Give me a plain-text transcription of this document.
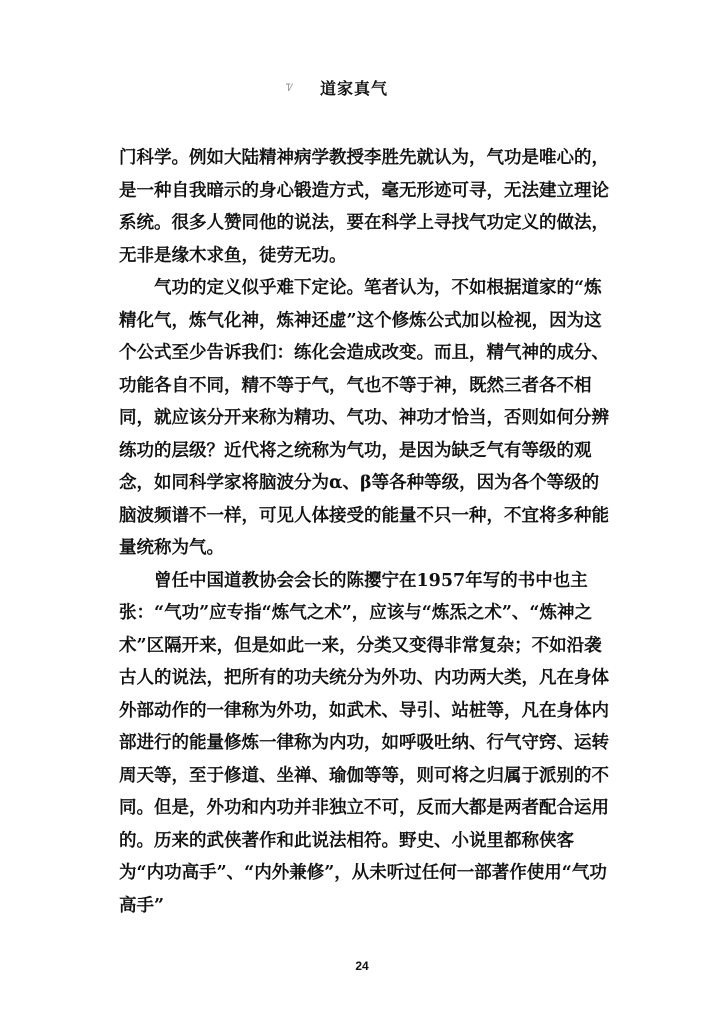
Ꮴ 道家真气

门科学。例如大陆精神病学教授李胜先就认为，气功是唯心的，是一种自我暗示的身心锻造方式，毫无形迹可寻，无法建立理论系统。很多人赞同他的说法，要在科学上寻找气功定义的做法，无非是缘木求鱼，徒劳无功。

气功的定义似乎难下定论。笔者认为，不如根据道家的“炼精化气，炼气化神，炼神还虚”这个修炼公式加以检视，因为这个公式至少告诉我们：练化会造成改变。而且，精气神的成分、功能各自不同，精不等于气，气也不等于神，既然三者各不相同，就应该分开来称为精功、气功、神功才恰当，否则如何分辨练功的层级？近代将之统称为气功，是因为缺乏气有等级的观念，如同科学家将脑波分为α、β等各种等级，因为各个等级的脑波频谱不一样，可见人体接受的能量不只一种，不宜将多种能量统称为气。

曾任中国道教协会会长的陈撄宁在1957年写的书中也主张：“气功”应专指“炼气之术”，应该与“炼炁之术”、“炼神之术”区隔开来，但是如此一来，分类又变得非常复杂；不如沿袭古人的说法，把所有的功夫统分为外功、内功两大类，凡在身体外部动作的一律称为外功，如武术、导引、站桩等，凡在身体内部进行的能量修炼一律称为内功，如呼吸吐纳、行气守窍、运转周天等，至于修道、坐禅、瑜伽等等，则可将之归属于派别的不同。但是，外功和内功并非独立不可，反而大都是两者配合运用的。历来的武侠著作和此说法相符。野史、小说里都称侠客为“内功高手”、“内外兼修”，从未听过任何一部著作使用“气功高手”

24
